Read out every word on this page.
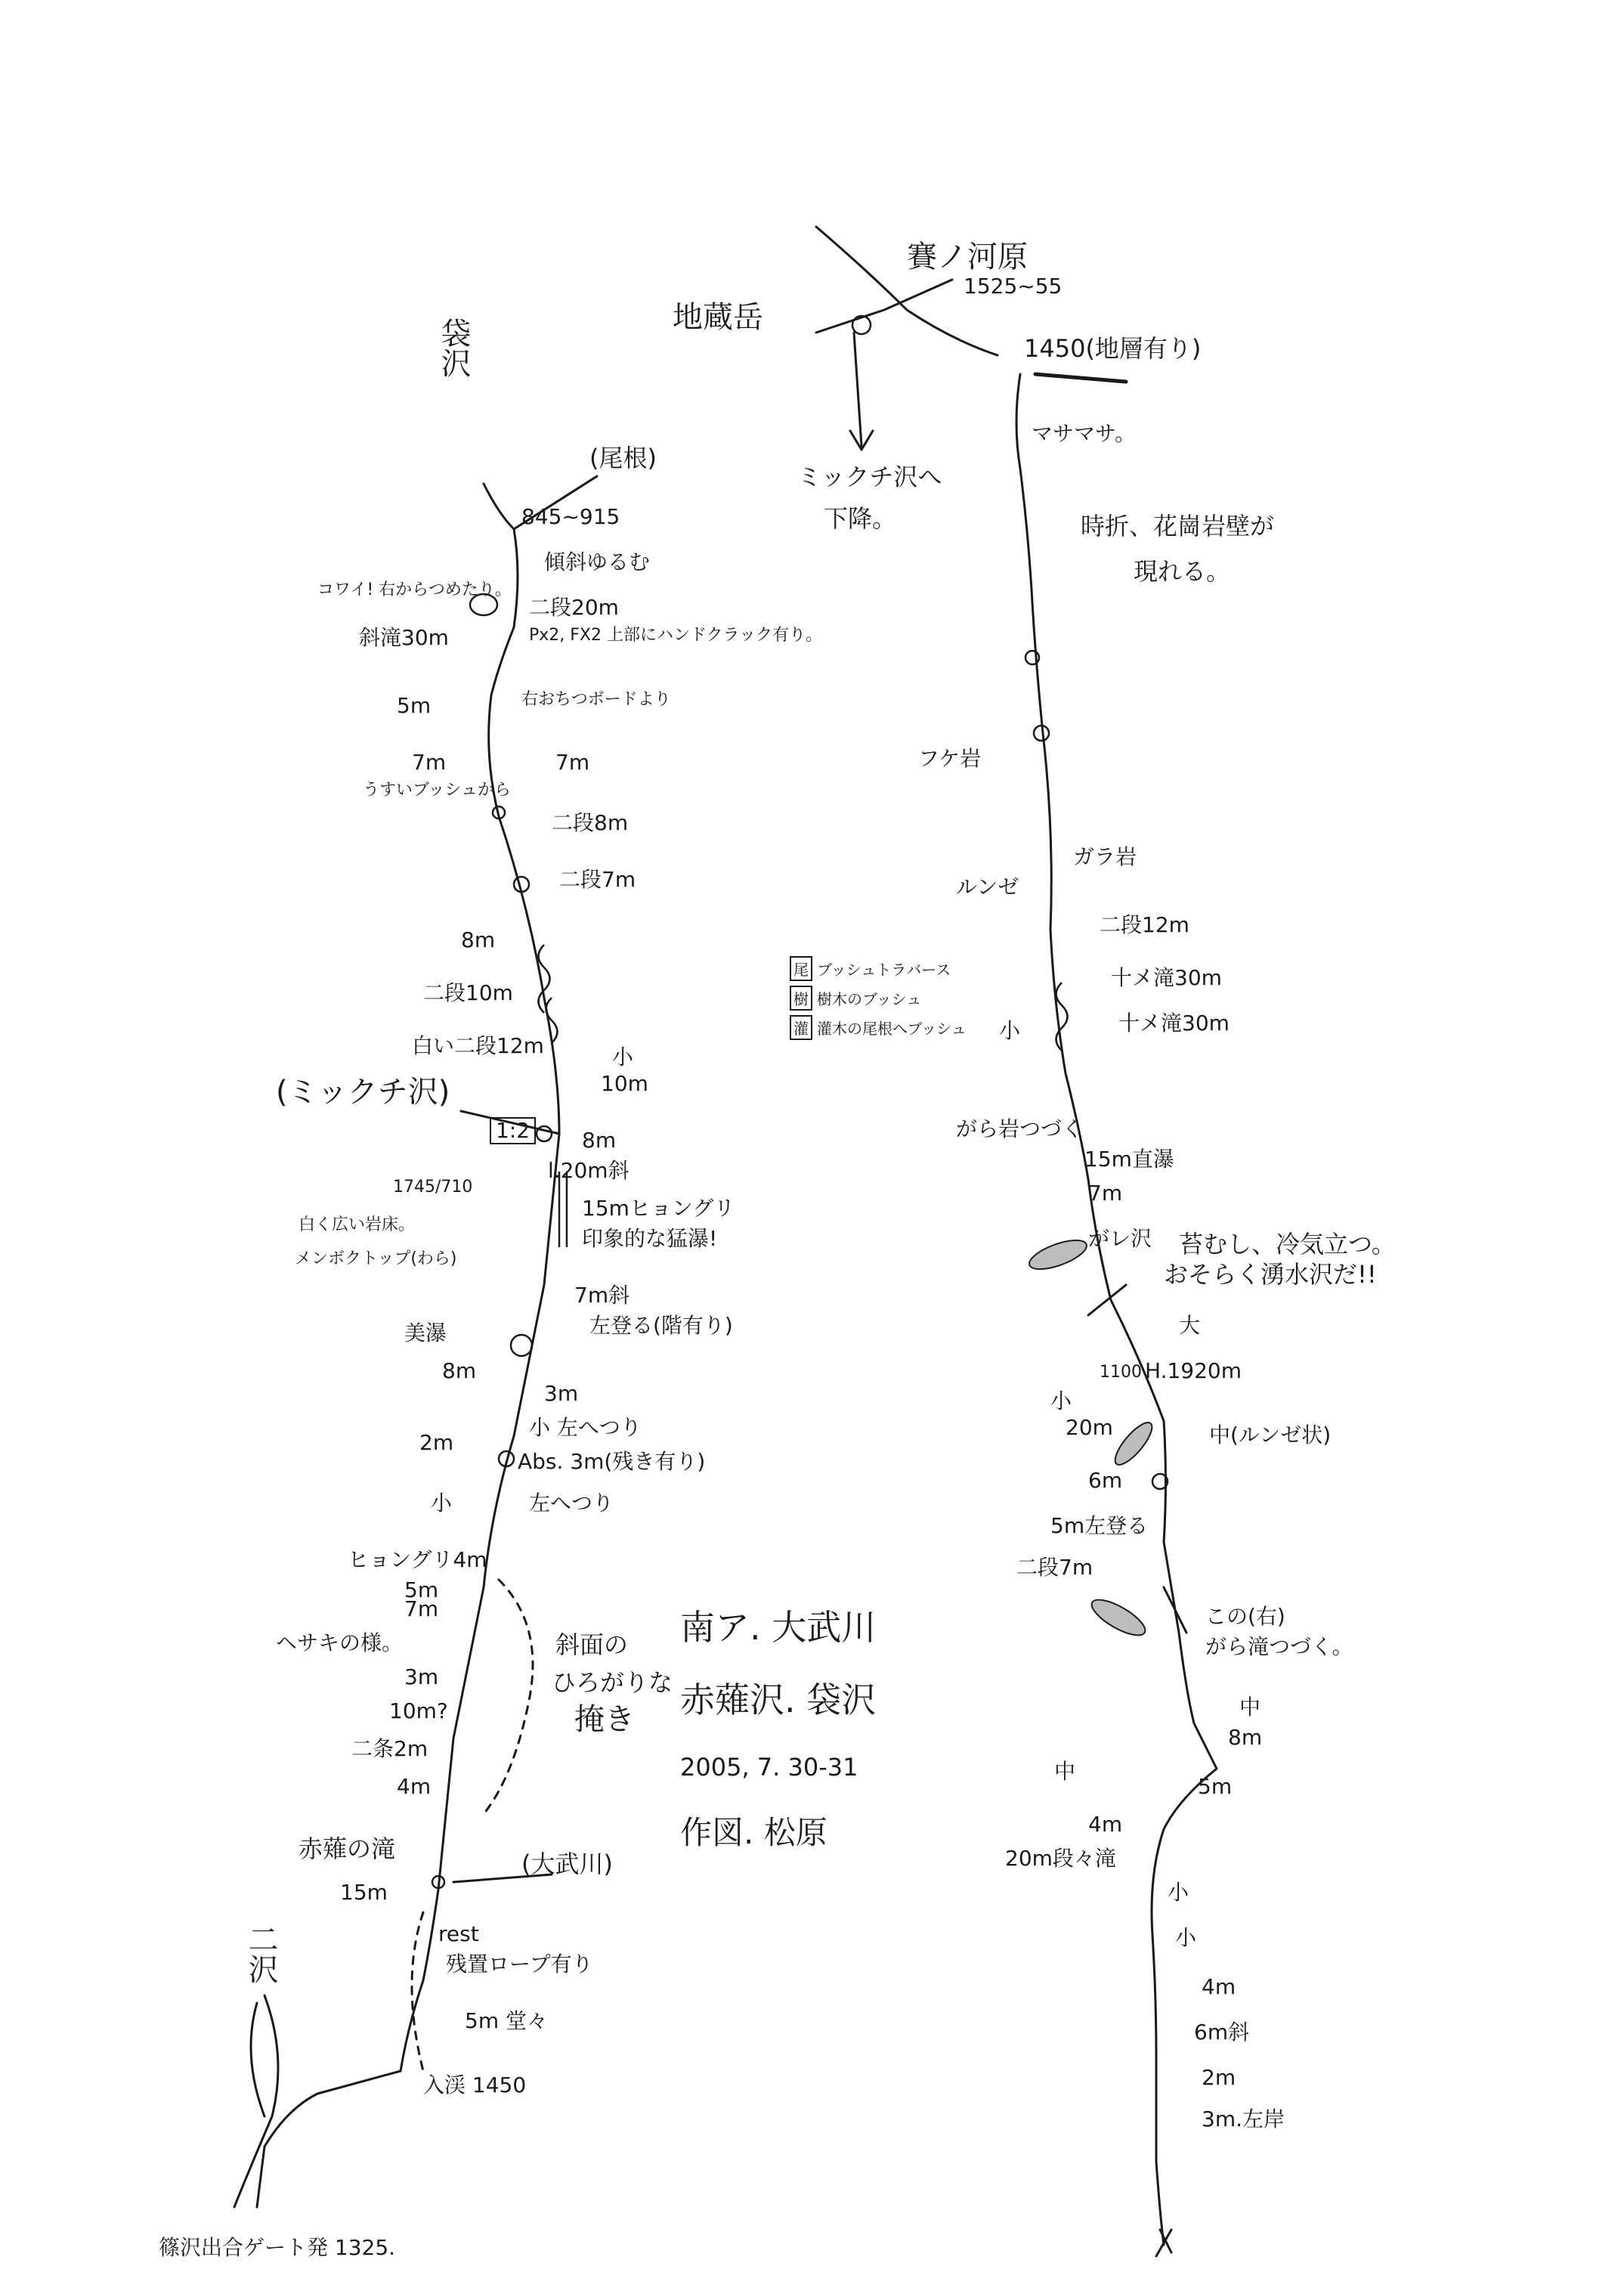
袋沢
(尾根)
845~915
傾斜ゆるむ
コワイ! 右からつめたり。
二段20m
斜滝30m	Px2, FX2 上部にハンドクラック有り。
5m	右おちつボードより
7m	7m
うすいブッシュから
二段8m
二段7m
8m
二段10m
白い二段12m	小
10m
(ミックチ沢)
1:2 8m
1745/710
l.20m斜
15mヒョングリ
印象的な猛瀑!
白く広い岩床。
メンボクトップ(わら)
7m斜
左登る(階有り)
美瀑
8m
3m
2m
小 左へつり
Abs. 3m(残き有り)
小	左へつり
ヒョングリ4m
5m
7m
ヘサキの様。	斜面の
ひろがりな
掩き
3m
10m?
二条2m
4m
赤薙の滝
15m
(大武川)
rest
残置ロープ有り
5m 堂々
入渓 1450
二沢
篠沢出合ゲート発 1325.
賽ノ河原
1525~55
地蔵岳
ミックチ沢へ
下降。
1450(地層有り)
マサマサ。
時折、花崗岩壁が
現れる。
フケ岩
ガラ岩
ルンゼ
二段12m
十メ滝30m
十メ滝30m
小
がら岩つづく
15m直瀑
7m
がレ沢 苔むし、冷気立つ。
おそらく湧水沢だ!!
大
1100 H.1920m
小
20m	中(ルンゼ状)
6m
5m左登る
二段7m
この(右)
がら滝つづく。
中
8m
5m
中
4m
20m段々滝
小
小
4m
6m斜
2m
3m.左岸
尾 ブッシュトラバース
樹 樹木のブッシュ
灌 灌木の尾根へブッシュ
南ア. 大武川
赤薙沢. 袋沢
2005, 7. 30-31
作図. 松原
